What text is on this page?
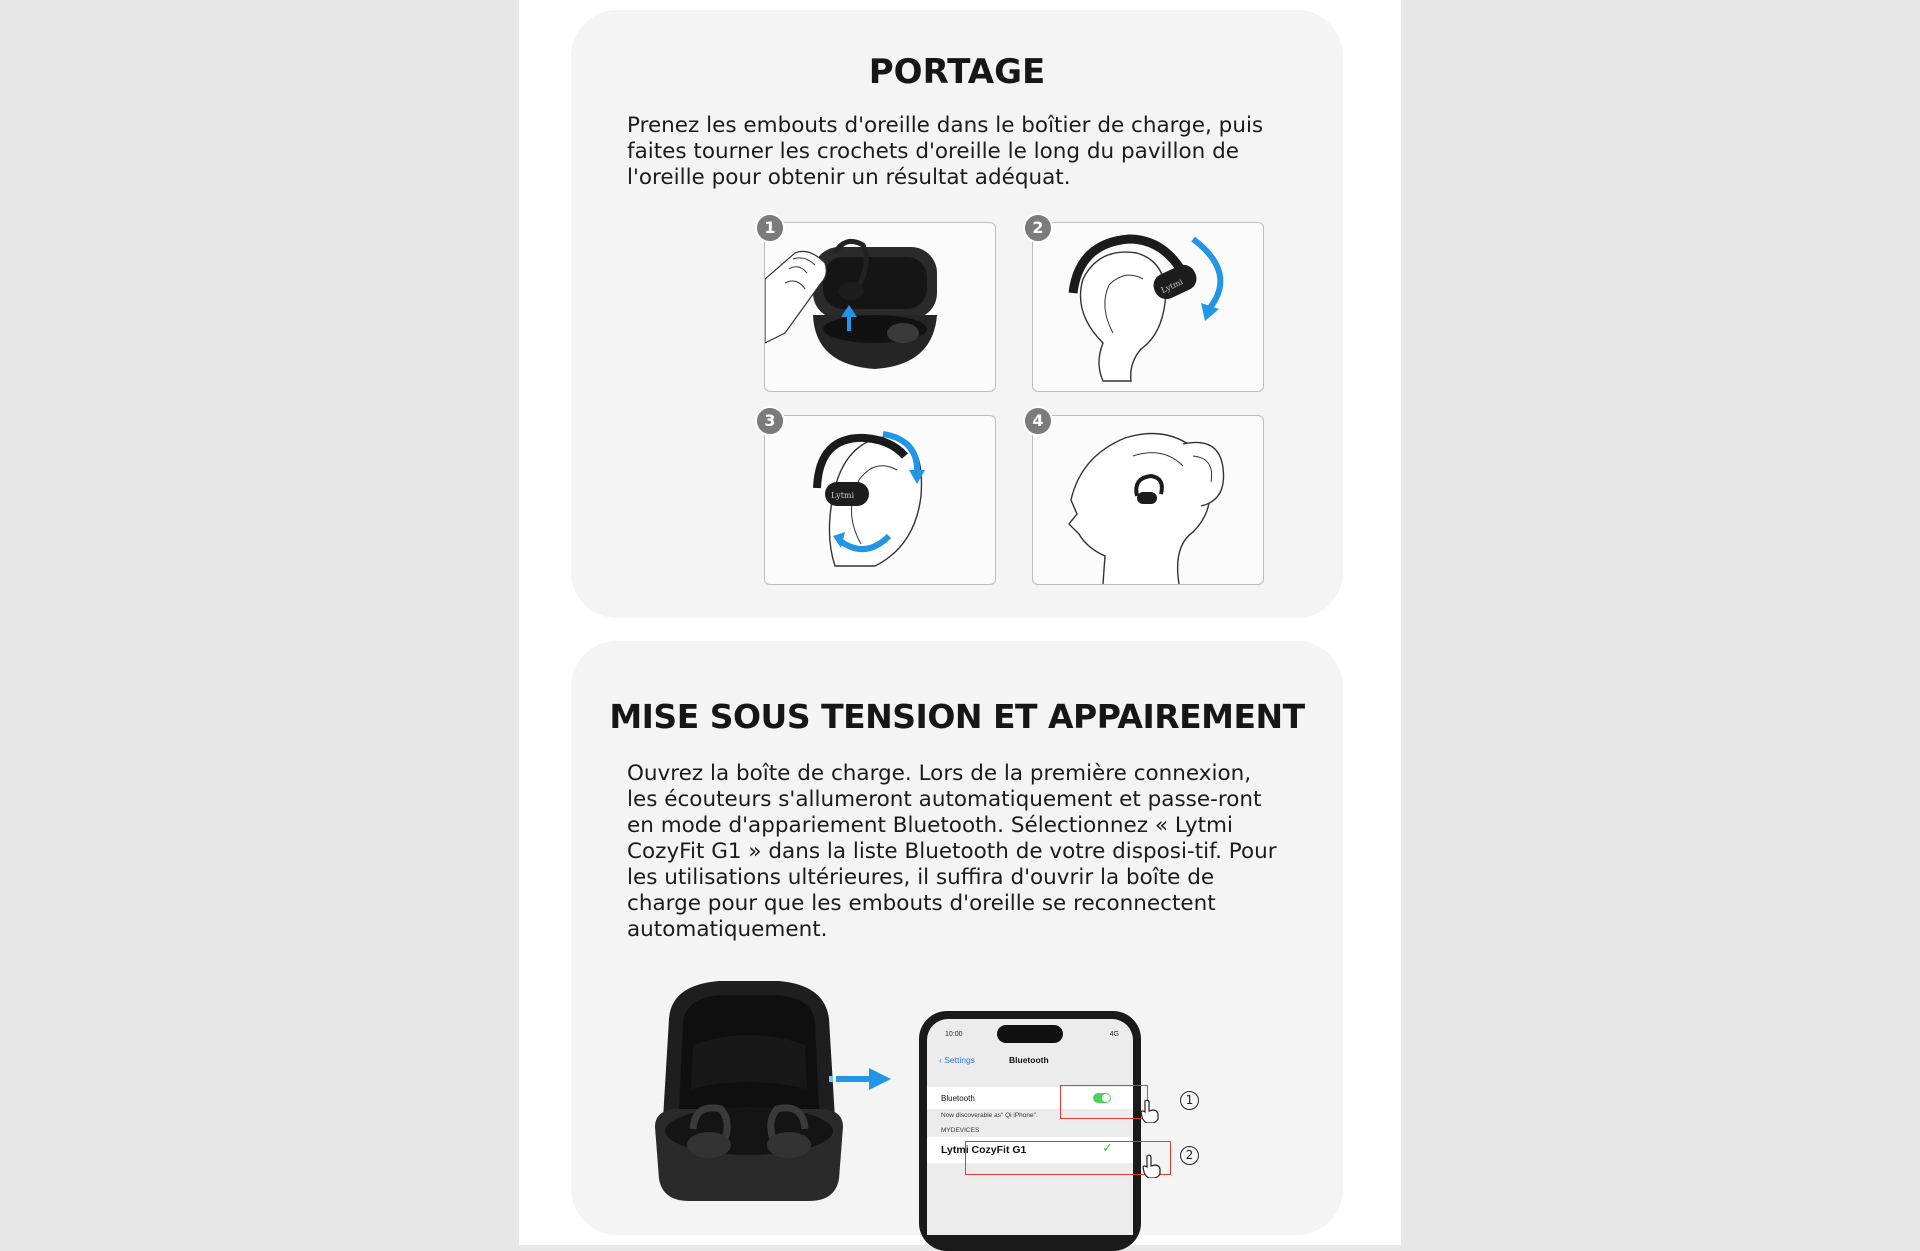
PORTAGE

Prenez les embouts d'oreille dans le boîtier de charge, puis faites tourner les crochets d'oreille le long du pavillon de l'oreille pour obtenir un résultat adéquat.

1	2
Lytmi
3
Lytmi
4
MISE SOUS TENSION ET APPAIREMENT

Ouvrez la boîte de charge. Lors de la première connexion, les écouteurs s'allumeront automatiquement et passe-ront en mode d'appariement Bluetooth. Sélectionnez « Lytmi CozyFit G1 » dans la liste Bluetooth de votre disposi-tif. Pour les utilisations ultérieures, il suffira d'ouvrir la boîte de charge pour que les embouts d'oreille se reconnectent automatiquement.

10:00	4G
‹ Settings	Bluetooth
Bluetooth
Now discoverable as" Qi iPhone".
MYDEVICES
Lytmi CozyFit G1	✓
1
2
